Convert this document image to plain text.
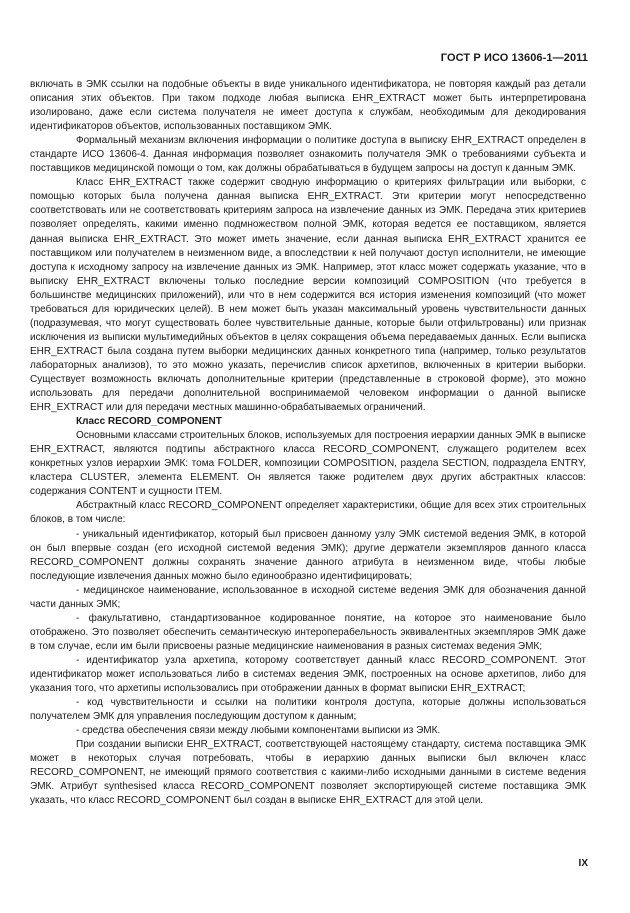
ГОСТ Р ИСО 13606-1—2011

включать в ЭМК ссылки на подобные объекты в виде уникального идентификатора, не повторяя каждый раз детали описания этих объектов. При таком подходе любая выписка EHR_EXTRACT может быть интерпретирована изолировано, даже если система получателя не имеет доступа к службам, необходимым для декодирования идентификаторов объектов, использованных поставщиком ЭМК.

Формальный механизм включения информации о политике доступа в выписку EHR_EXTRACT определен в стандарте ИСО 13606-4. Данная информация позволяет ознакомить получателя ЭМК о требованиями субъекта и поставщиков медицинской помощи о том, как должны обрабатываться в будущем запросы на доступ к данным ЭМК.

Класс EHR_EXTRACT также содержит сводную информацию о критериях фильтрации или выборки, с помощью которых была получена данная выписка EHR_EXTRACT. Эти критерии могут непосредственно соответствовать или не соответствовать критериям запроса на извлечение данных из ЭМК. Передача этих критериев позволяет определять, какими именно подмножеством полной ЭМК, которая ведется ее поставщиком, является данная выписка EHR_EXTRACT. Это может иметь значение, если данная выписка EHR_EXTRACT хранится ее поставщиком или получателем в неизменном виде, а впоследствии к ней получают доступ исполнители, не имеющие доступа к исходному запросу на извлечение данных из ЭМК. Например, этот класс может содержать указание, что в выписку EHR_EXTRACT включены только последние версии композиций COMPOSITION (что требуется в большинстве медицинских приложений), или что в нем содержится вся история изменения композиций (что может требоваться для юридических целей). В нем может быть указан максимальный уровень чувствительности данных (подразумевая, что могут существовать более чувствительные данные, которые были отфильтрованы) или признак исключения из выписки мультимедийных объектов в целях сокращения объема передаваемых данных. Если выписка EHR_EXTRACT была создана путем выборки медицинских данных конкретного типа (например, только результатов лабораторных анализов), то это можно указать, перечислив список архетипов, включенных в критерии выборки. Существует возможность включать дополнительные критерии (представленные в строковой форме), это можно использовать для передачи дополнительной воспринимаемой человеком информации о данной выписке EHR_EXTRACT или для передачи местных машинно-обрабатываемых ограничений.

Класс RECORD_COMPONENT

Основными классами строительных блоков, используемых для построения иерархии данных ЭМК в выписке EHR_EXTRACT, являются подтипы абстрактного класса RECORD_COMPONENT, служащего родителем всех конкретных узлов иерархии ЭМК: тома FOLDER, композиции COMPOSITION, раздела SECTION, подраздела ENTRY, кластера CLUSTER, элемента ELEMENT. Он является также родителем двух других абстрактных классов: содержания CONTENT и сущности ITEM.

Абстрактный класс RECORD_COMPONENT определяет характеристики, общие для всех этих строительных блоков, в том числе:

- уникальный идентификатор, который был присвоен данному узлу ЭМК системой ведения ЭМК, в которой он был впервые создан (его исходной системой ведения ЭМК); другие держатели экземпляров данного класса RECORD_COMPONENT должны сохранять значение данного атрибута в неизменном виде, чтобы любые последующие извлечения данных можно было единообразно идентифицировать;

- медицинское наименование, использованное в исходной системе ведения ЭМК для обозначения данной части данных ЭМК;

- факультативно, стандартизованное кодированное понятие, на которое это наименование было отображено. Это позволяет обеспечить семантическую интероперабельность эквивалентных экземпляров ЭМК даже в том случае, если им были присвоены разные медицинские наименования в разных системах ведения ЭМК;

- идентификатор узла архетипа, которому соответствует данный класс RECORD_COMPONENT. Этот идентификатор может использоваться либо в системах ведения ЭМК, построенных на основе архетипов, либо для указания того, что архетипы использовались при отображении данных в формат выписки EHR_EXTRACT;

- код чувствительности и ссылки на политики контроля доступа, которые должны использоваться получателем ЭМК для управления последующим доступом к данным;

- средства обеспечения связи между любыми компонентами выписки из ЭМК.

При создании выписки EHR_EXTRACT, соответствующей настоящему стандарту, система поставщика ЭМК может в некоторых случая потребовать, чтобы в иерархию данных выписки был включен класс RECORD_COMPONENT, не имеющий прямого соответствия с какими-либо исходными данными в системе ведения ЭМК. Атрибут synthesised класса RECORD_COMPONENT позволяет экспортирующей системе поставщика ЭМК указать, что класс RECORD_COMPONENT был создан в выписке EHR_EXTRACT для этой цели.

IX
